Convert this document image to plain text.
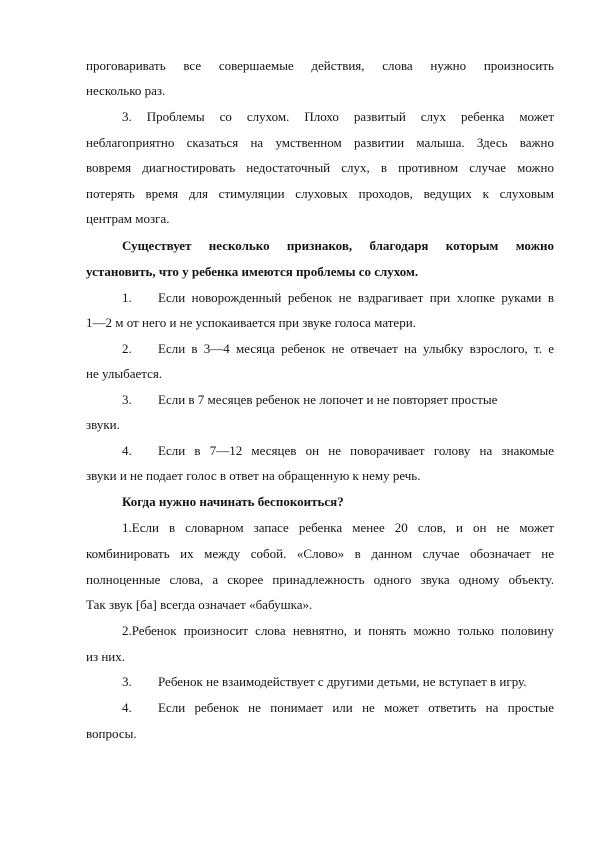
проговаривать все совершаемые действия, слова нужно произносить
несколько раз.
3. Проблемы со слухом. Плохо развитый слух ребенка может
неблагоприятно сказаться на умственном развитии малыша. Здесь важно
вовремя диагностировать недостаточный слух, в противном случае можно
потерять время для стимуляции слуховых проходов, ведущих к слуховым
центрам мозга.
Существует несколько признаков, благодаря которым можно
установить, что у ребенка имеются проблемы со слухом.
1.	Если новорожденный ребенок не вздрагивает при хлопке руками в
1—2 м от него и не успокаивается при звуке голоса матери.
2.	Если в 3—4 месяца ребенок не отвечает на улыбку взрослого, т. е
не улыбается.
3.	Если в 7 месяцев ребенок не лопочет и не повторяет простые
звуки.
4.	Если в 7—12 месяцев он не поворачивает голову на знакомые
звуки и не подает голос в ответ на обращенную к нему речь.
Когда нужно начинать беспокоиться?
1.Если в словарном запасе ребенка менее 20 слов, и он не может
комбинировать их между собой. «Слово» в данном случае обозначает не
полноценные слова, а скорее принадлежность одного звука одному объекту.
Так звук [ба] всегда означает «бабушка».
2.Ребенок произносит слова невнятно, и понять можно только половину
из них.
3.	Ребенок не взаимодействует с другими детьми, не вступает в игру.
4.	Если ребенок не понимает или не может ответить на простые
вопросы.
